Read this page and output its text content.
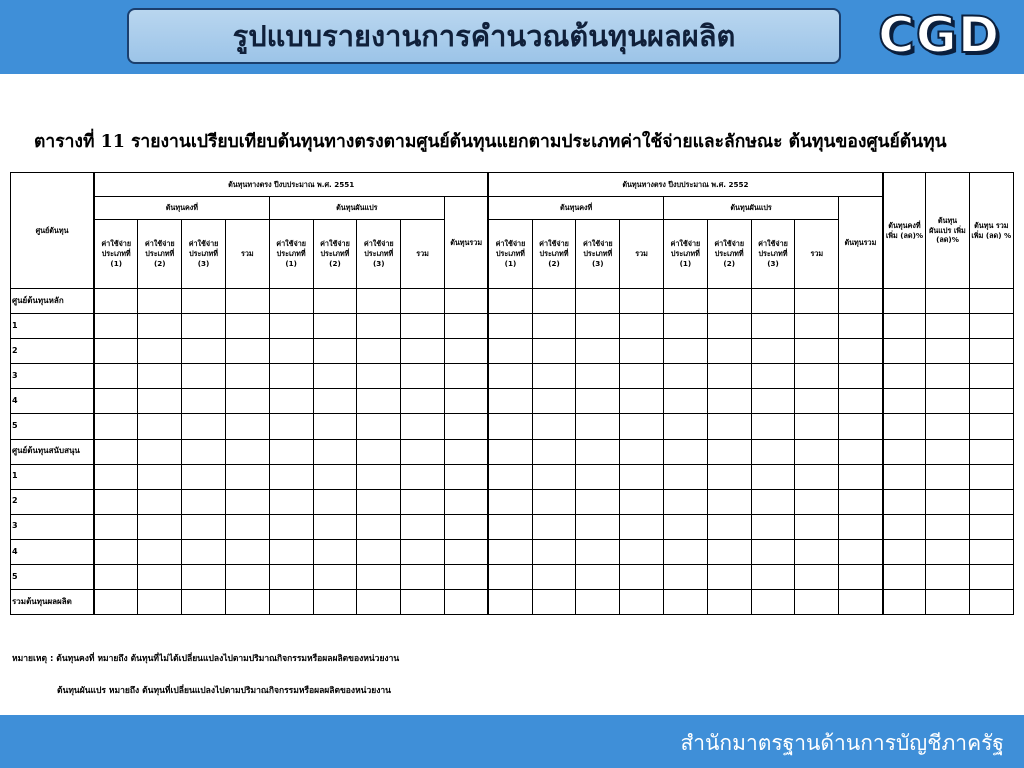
รูปแบบรายงานการคำนวณต้นทุนผลผลิต	CGD
ตารางที่ 11 รายงานเปรียบเทียบต้นทุนทางตรงตามศูนย์ต้นทุนแยกตามประเภทค่าใช้จ่ายและลักษณะ ต้นทุนของศูนย์ต้นทุน
ศูนย์ต้นทุน	ต้นทุนทางตรง ปีงบประมาณ พ.ศ. 2551									ต้นทุนทางตรง ปีงบประมาณ พ.ศ. 2552									ต้นทุนคงที่ เพิ่ม (ลด)%	ต้นทุน ผันแปร เพิ่ม (ลด)%	ต้นทุน รวมเพิ่ม (ลด) %
	ต้นทุนคงที่				ต้นทุนผันแปร				ต้นทุนรวม	ต้นทุนคงที่				ต้นทุนผันแปร				ต้นทุนรวม			
	ค่าใช้จ่าย ประเภทที่ (1)	ค่าใช้จ่าย ประเภทที่ (2)	ค่าใช้จ่าย ประเภทที่ (3)	รวม	ค่าใช้จ่าย ประเภทที่ (1)	ค่าใช้จ่าย ประเภทที่ (2)	ค่าใช้จ่าย ประเภทที่ (3)	รวม		ค่าใช้จ่าย ประเภทที่ (1)	ค่าใช้จ่าย ประเภทที่ (2)	ค่าใช้จ่าย ประเภทที่ (3)	รวม	ค่าใช้จ่าย ประเภทที่ (1)	ค่าใช้จ่าย ประเภทที่ (2)	ค่าใช้จ่าย ประเภทที่ (3)	รวม				
ศูนย์ต้นทุนหลัก																					
1																					
2																					
3																					
4																					
5																					
ศูนย์ต้นทุนสนับสนุน																					
1																					
2																					
3																					
4																					
5																					
รวมต้นทุนผลผลิต																					
หมายเหตุ : ต้นทุนคงที่ หมายถึง ต้นทุนที่ไม่ได้เปลี่ยนแปลงไปตามปริมาณกิจกรรมหรือผลผลิตของหน่วยงาน
ต้นทุนผันแปร หมายถึง ต้นทุนที่เปลี่ยนแปลงไปตามปริมาณกิจกรรมหรือผลผลิตของหน่วยงาน
สำนักมาตรฐานด้านการบัญชีภาครัฐ
